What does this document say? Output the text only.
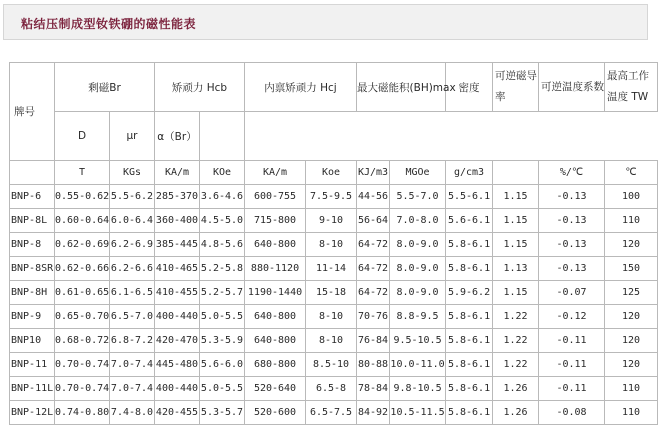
粘结压制成型钕铁硼的磁性能表
牌号	剩磁Br		矫顽力 Hcb		内禀矫顽力 Hcj		最大磁能积(BH)max		密度	可逆磁导率	可逆温度系数	最高工作温度 TW
	D	μr	α（Br）									
	T	KGs	KA/m	KOe	KA/m	Koe	KJ/m3	MGOe	g/cm3		%/℃	℃
BNP-6	0.55-0.62	5.5-6.2	285-370	3.6-4.6	600-755	7.5-9.5	44-56	5.5-7.0	5.5-6.1	1.15	-0.13	100
BNP-8L	0.60-0.64	6.0-6.4	360-400	4.5-5.0	715-800	9-10	56-64	7.0-8.0	5.6-6.1	1.15	-0.13	110
BNP-8	0.62-0.69	6.2-6.9	385-445	4.8-5.6	640-800	8-10	64-72	8.0-9.0	5.8-6.1	1.15	-0.13	120
BNP-8SR	0.62-0.66	6.2-6.6	410-465	5.2-5.8	880-1120	11-14	64-72	8.0-9.0	5.8-6.1	1.13	-0.13	150
BNP-8H	0.61-0.65	6.1-6.5	410-455	5.2-5.7	1190-1440	15-18	64-72	8.0-9.0	5.9-6.2	1.15	-0.07	125
BNP-9	0.65-0.70	6.5-7.0	400-440	5.0-5.5	640-800	8-10	70-76	8.8-9.5	5.8-6.1	1.22	-0.12	120
BNP10	0.68-0.72	6.8-7.2	420-470	5.3-5.9	640-800	8-10	76-84	9.5-10.5	5.8-6.1	1.22	-0.11	120
BNP-11	0.70-0.74	7.0-7.4	445-480	5.6-6.0	680-800	8.5-10	80-88	10.0-11.0	5.8-6.1	1.22	-0.11	120
BNP-11L	0.70-0.74	7.0-7.4	400-440	5.0-5.5	520-640	6.5-8	78-84	9.8-10.5	5.8-6.1	1.26	-0.11	110
BNP-12L	0.74-0.80	7.4-8.0	420-455	5.3-5.7	520-600	6.5-7.5	84-92	10.5-11.5	5.8-6.1	1.26	-0.08	110
